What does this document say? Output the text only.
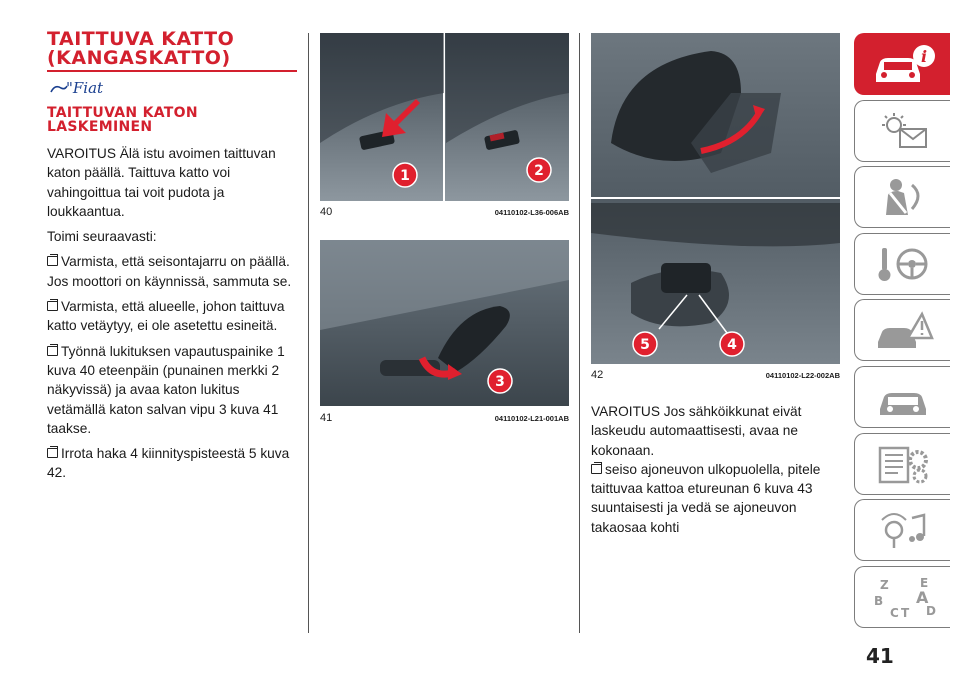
TAITTUVA KATTO
(KANGASKATTO)
"Fiat
TAITTUVAN KATON
LASKEMINEN

VAROITUS Älä istu avoimen taittuvan katon päällä. Taittuva katto voi vahingoittua tai voit pudota ja loukkaantua.

Toimi seuraavasti:

Varmista, että seisontajarru on päällä. Jos moottori on käynnissä, sammuta se.

Varmista, että alueelle, johon taittuva katto vetäytyy, ei ole asetettu esineitä.

Työnnä lukituksen vapautuspainike 1 kuva 40 eteenpäin (punainen merkki 2 näkyvissä) ja avaa katon lukitus vetämällä katon salvan vipu 3 kuva 41 taakse.

Irrota haka 4 kiinnityspisteestä 5 kuva 42.

1	2
40	04110102-L36-006AB
3
41	04110102-L21-001AB
5	4
42	04110102-L22-002AB

VAROITUS Jos sähköikkunat eivät laskeudu automaattisesti, avaa ne kokonaan.

seiso ajoneuvon ulkopuolella, pitele taittuvaa kattoa etureunan 6 kuva 43 suuntaisesti ja vedä se ajoneuvon takaosaa kohti

i
Z	E
B A
C D
T
41
